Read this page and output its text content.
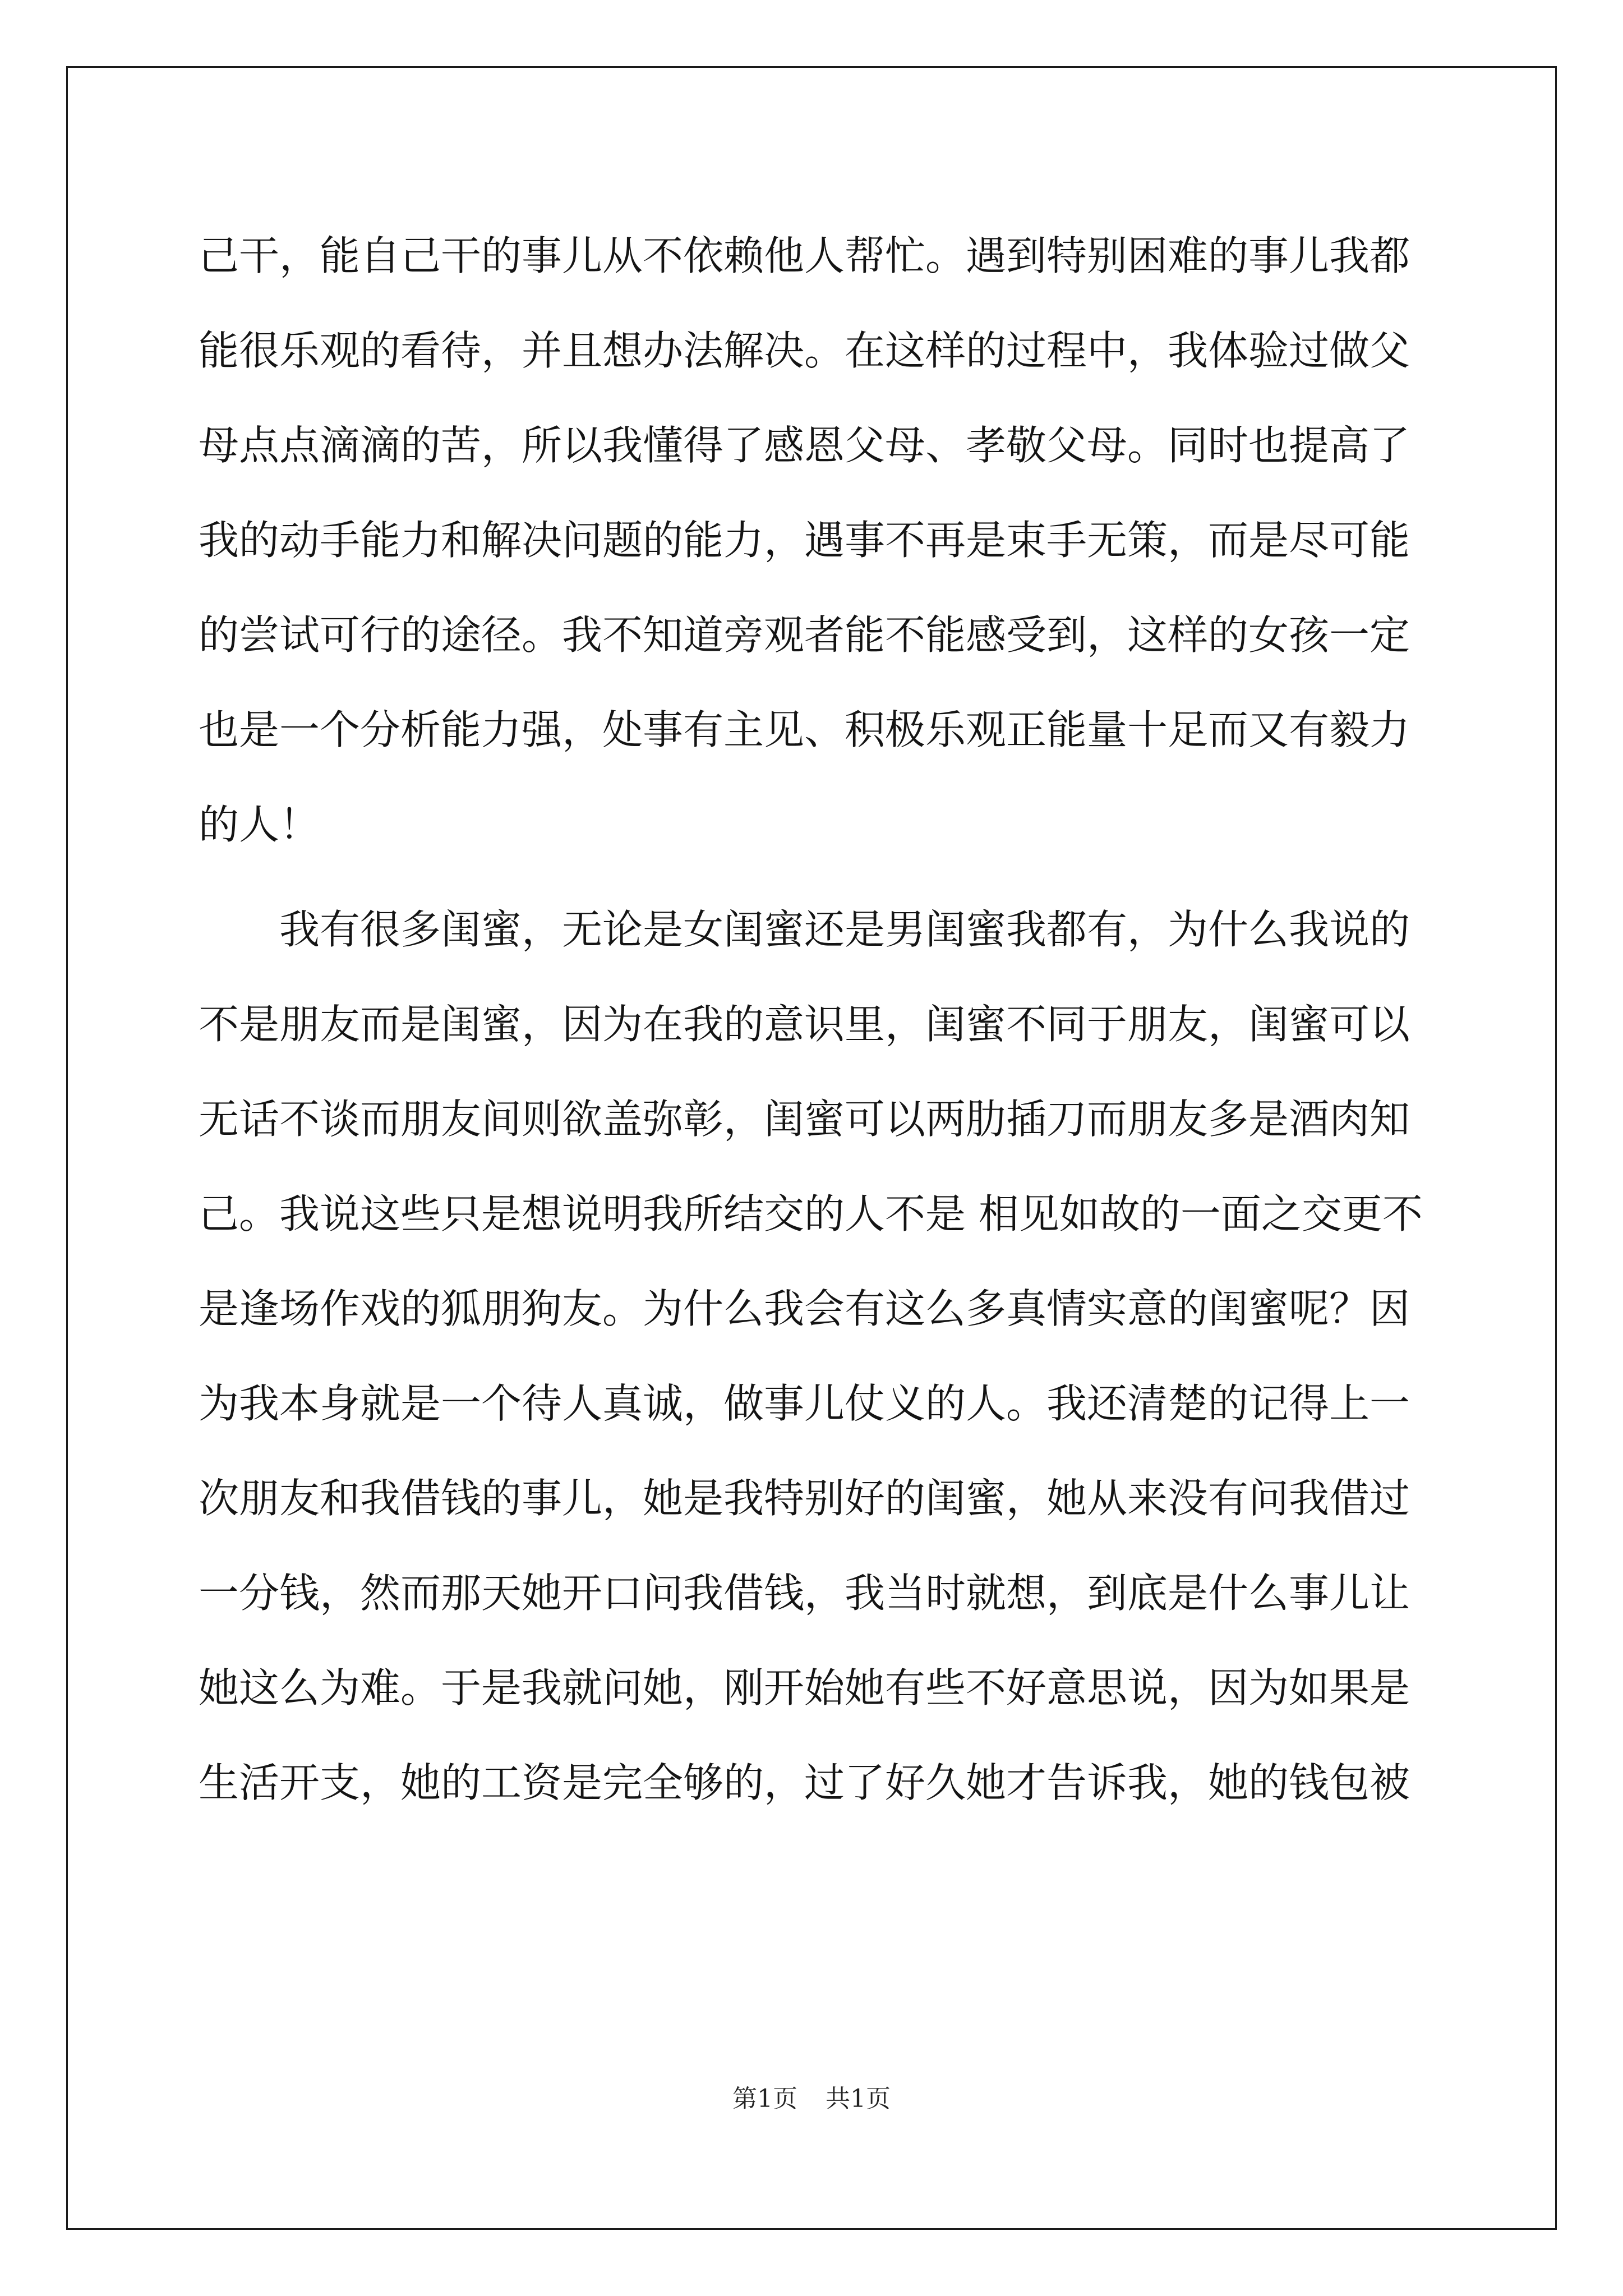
己干，能自己干的事儿从不依赖他人帮忙。遇到特别困难的事儿我都
能很乐观的看待，并且想办法解决。在这样的过程中，我体验过做父
母点点滴滴的苦，所以我懂得了感恩父母、孝敬父母。同时也提高了
我的动手能力和解决问题的能力，遇事不再是束手无策，而是尽可能
的尝试可行的途径。我不知道旁观者能不能感受到，这样的女孩一定
也是一个分析能力强，处事有主见、积极乐观正能量十足而又有毅力
的人！
　　我有很多闺蜜，无论是女闺蜜还是男闺蜜我都有，为什么我说的
不是朋友而是闺蜜，因为在我的意识里，闺蜜不同于朋友，闺蜜可以
无话不谈而朋友间则欲盖弥彰，闺蜜可以两肋插刀而朋友多是酒肉知
己。我说这些只是想说明我所结交的人不是 相见如故的一面之交更不
是逢场作戏的狐朋狗友。为什么我会有这么多真情实意的闺蜜呢？因
为我本身就是一个待人真诚，做事儿仗义的人。我还清楚的记得上一
次朋友和我借钱的事儿，她是我特别好的闺蜜，她从来没有问我借过
一分钱，然而那天她开口问我借钱，我当时就想，到底是什么事儿让
她这么为难。于是我就问她，刚开始她有些不好意思说，因为如果是
生活开支，她的工资是完全够的，过了好久她才告诉我，她的钱包被
第1页 共1页
